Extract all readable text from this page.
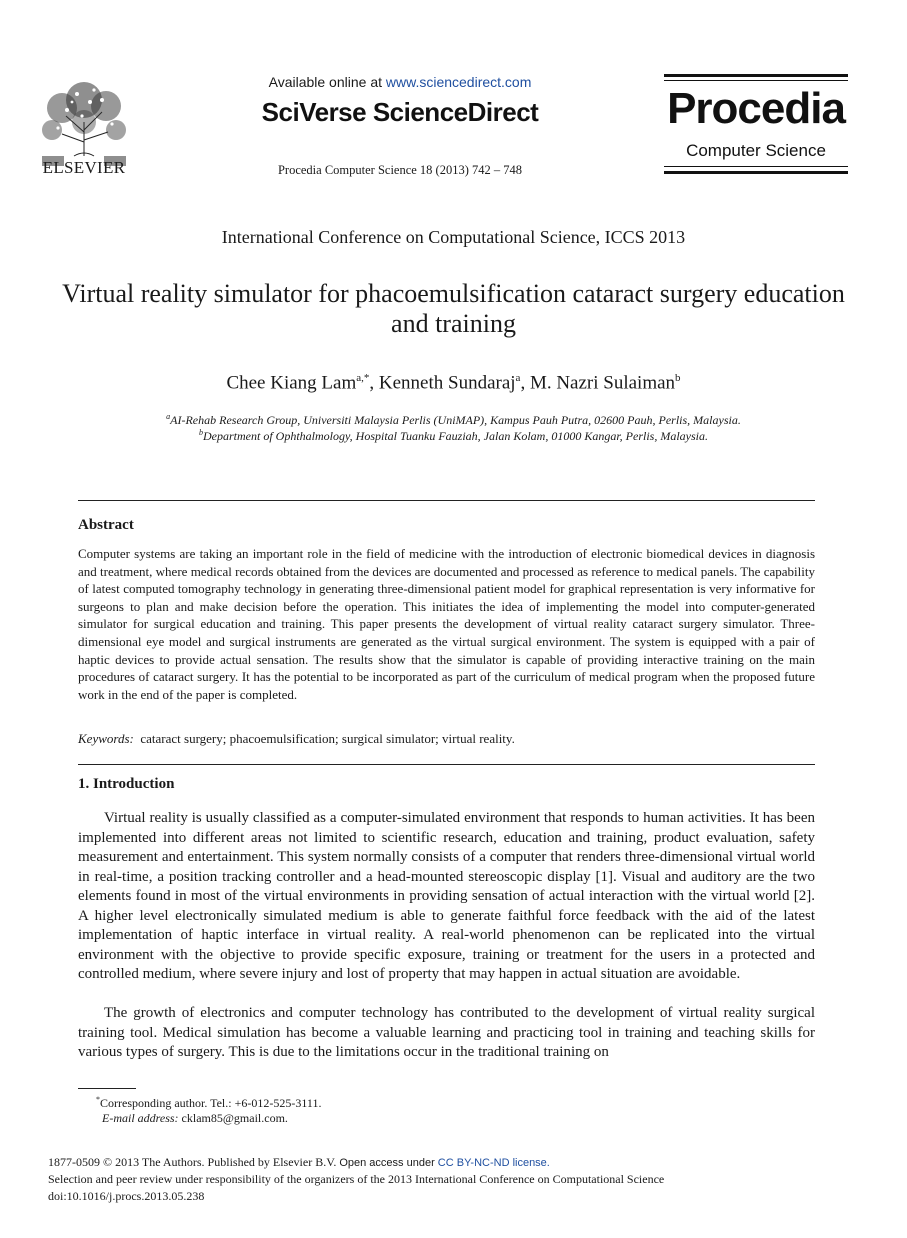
ELSEVIER
Available online at www.sciencedirect.com
SciVerse ScienceDirect
Procedia Computer Science 18 (2013) 742 – 748
Procedia
Computer Science
International Conference on Computational Science, ICCS 2013
Virtual reality simulator for phacoemulsification cataract surgery education and training
Chee Kiang Lam$^{a,*}$, Kenneth Sundaraj$^a$, M. Nazri Sulaiman$^b$
$^a$AI-Rehab Research Group, Universiti Malaysia Perlis (UniMAP), Kampus Pauh Putra, 02600 Pauh, Perlis, Malaysia.
$^b$Department of Ophthalmology, Hospital Tuanku Fauziah, Jalan Kolam, 01000 Kangar, Perlis, Malaysia.
Abstract
Computer systems are taking an important role in the field of medicine with the introduction of electronic biomedical devices in diagnosis and treatment, where medical records obtained from the devices are documented and processed as reference to medical panels. The capability of latest computed tomography technology in generating three-dimensional patient model for graphical representation is very informative for surgeons to plan and make decision before the operation. This initiates the idea of implementing the model into computer-generated simulator for surgical education and training. This paper presents the development of virtual reality cataract surgery simulator. Three-dimensional eye model and surgical instruments are generated as the virtual surgical environment. The system is equipped with a pair of haptic devices to provide actual sensation. The results show that the simulator is capable of providing interactive training on the main procedures of cataract surgery. It has the potential to be incorporated as part of the curriculum of medical program when the proposed future work in the end of the paper is completed.
Keywords: cataract surgery; phacoemulsification; surgical simulator; virtual reality.
1. Introduction
Virtual reality is usually classified as a computer-simulated environment that responds to human activities. It has been implemented into different areas not limited to scientific research, education and training, product evaluation, safety measurement and entertainment. This system normally consists of a computer that renders three-dimensional virtual world in real-time, a position tracking controller and a head-mounted stereoscopic display [1]. Visual and auditory are the two elements found in most of the virtual environments in providing sensation of actual interaction with the virtual world [2]. A higher level electronically simulated medium is able to generate faithful force feedback with the aid of the latest implementation of haptic interface in virtual reality. A real-world phenomenon can be replicated into the virtual environment with the objective to provide specific exposure, training or treatment for the users in a protected and controlled medium, where severe injury and lost of property that may happen in actual situation are avoidable.
The growth of electronics and computer technology has contributed to the development of virtual reality surgical training tool. Medical simulation has become a valuable learning and practicing tool in training and teaching skills for various types of surgery. This is due to the limitations occur in the traditional training on
*Corresponding author. Tel.: +6-012-525-3111.
E-mail address: cklam85@gmail.com.
1877-0509 © 2013 The Authors. Published by Elsevier B.V. Open access under CC BY-NC-ND license.
Selection and peer review under responsibility of the organizers of the 2013 International Conference on Computational Science
doi:10.1016/j.procs.2013.05.238
